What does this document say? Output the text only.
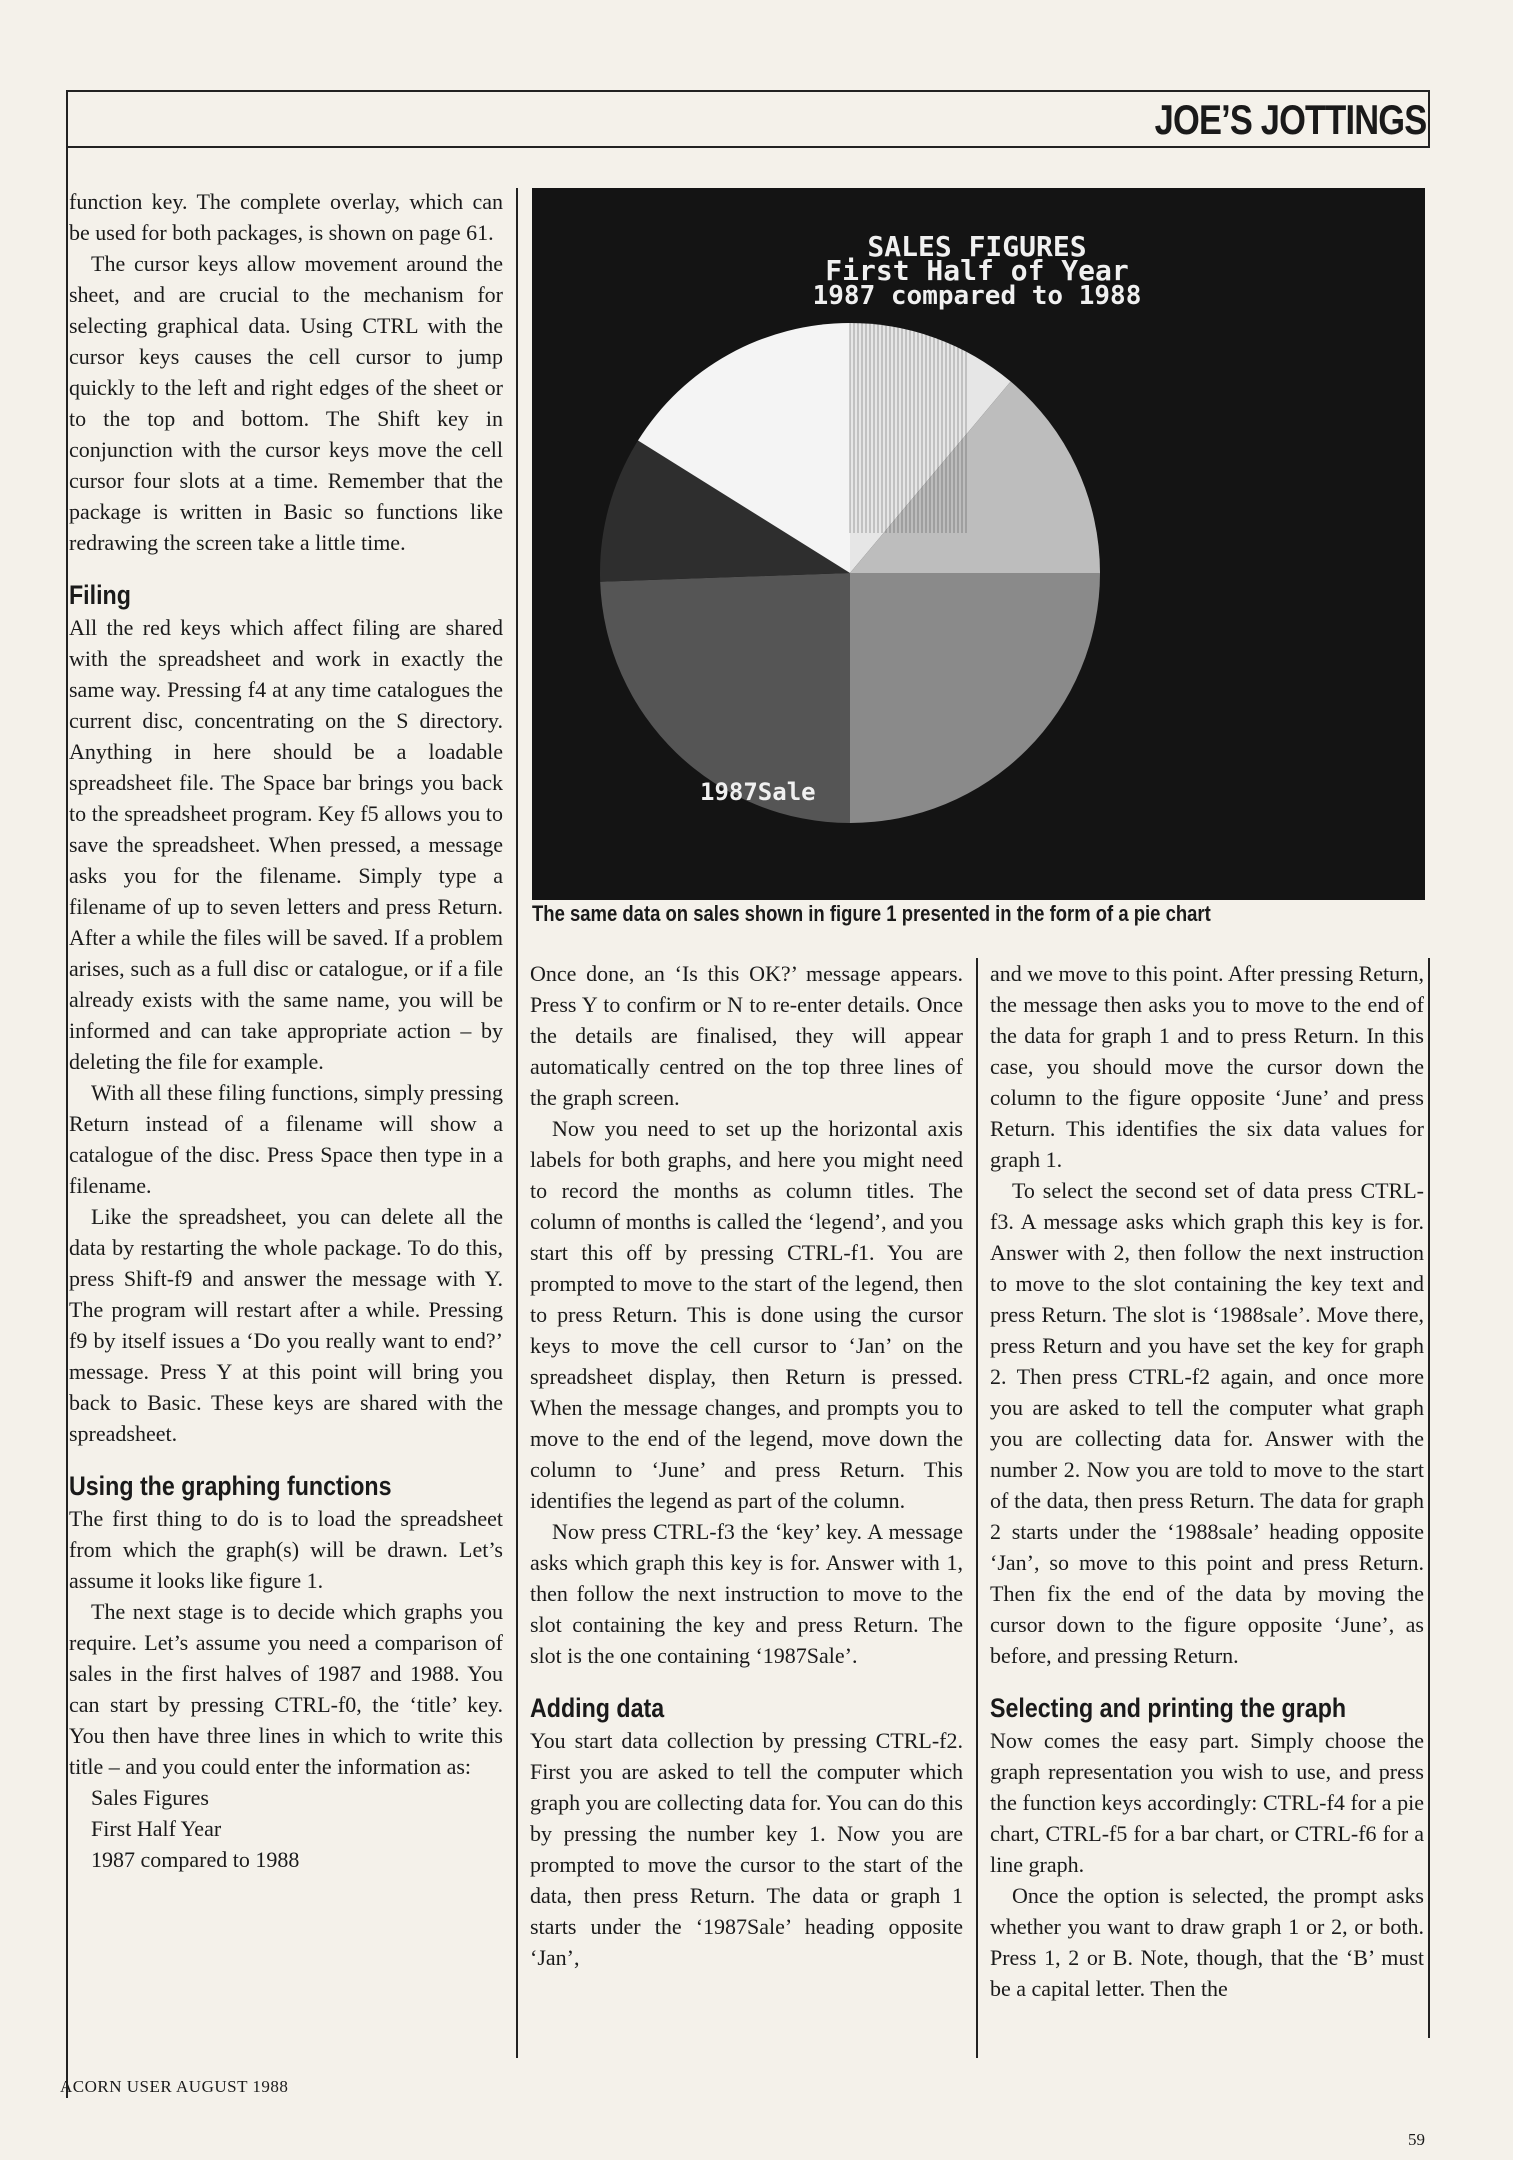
JOE’S JOTTINGS

function key. The complete overlay, which can be used for both packages, is shown on page 61.

The cursor keys allow movement around the sheet, and are crucial to the mechanism for selecting graphical data. Using CTRL with the cursor keys causes the cell cursor to jump quickly to the left and right edges of the sheet or to the top and bottom. The Shift key in conjunction with the cursor keys move the cell cursor four slots at a time. Remember that the package is written in Basic so functions like redrawing the screen take a little time.

Filing

All the red keys which affect filing are shared with the spreadsheet and work in exactly the same way. Pressing f4 at any time catalogues the current disc, concentrating on the S directory. Anything in here should be a loadable spreadsheet file. The Space bar brings you back to the spreadsheet program. Key f5 allows you to save the spreadsheet. When pressed, a message asks you for the filename. Simply type a filename of up to seven letters and press Return. After a while the files will be saved. If a problem arises, such as a full disc or catalogue, or if a file already exists with the same name, you will be informed and can take appropriate action – by deleting the file for example.

With all these filing functions, simply pressing Return instead of a filename will show a catalogue of the disc. Press Space then type in a filename.

Like the spreadsheet, you can delete all the data by restarting the whole package. To do this, press Shift-f9 and answer the message with Y. The program will restart after a while. Pressing f9 by itself issues a ‘Do you really want to end?’ message. Press Y at this point will bring you back to Basic. These keys are shared with the spreadsheet.

Using the graphing functions

The first thing to do is to load the spreadsheet from which the graph(s) will be drawn. Let’s assume it looks like figure 1.

The next stage is to decide which graphs you require. Let’s assume you need a comparison of sales in the first halves of 1987 and 1988. You can start by pressing CTRL-f0, the ‘title’ key. You then have three lines in which to write this title – and you could enter the information as:

Sales Figures
First Half Year
1987 compared to 1988
SALES FIGURES
First Half of Year
1987 compared to 1988
1987Sale
The same data on sales shown in figure 1 presented in the form of a pie chart

Once done, an ‘Is this OK?’ message appears. Press Y to confirm or N to re-enter details. Once the details are finalised, they will appear automatically centred on the top three lines of the graph screen.

Now you need to set up the horizontal axis labels for both graphs, and here you might need to record the months as column titles. The column of months is called the ‘legend’, and you start this off by pressing CTRL-f1. You are prompted to move to the start of the legend, then to press Return. This is done using the cursor keys to move the cell cursor to ‘Jan’ on the spreadsheet display, then Return is pressed. When the message changes, and prompts you to move to the end of the legend, move down the column to ‘June’ and press Return. This identifies the legend as part of the column.

Now press CTRL-f3 the ‘key’ key. A message asks which graph this key is for. Answer with 1, then follow the next instruction to move to the slot containing the key and press Return. The slot is the one containing ‘1987Sale’.

Adding data

You start data collection by pressing CTRL-f2. First you are asked to tell the computer which graph you are collecting data for. You can do this by pressing the number key 1. Now you are prompted to move the cursor to the start of the data, then press Return. The data or graph 1 starts under the ‘1987Sale’ heading opposite ‘Jan’,

and we move to this point. After pressing Return, the message then asks you to move to the end of the data for graph 1 and to press Return. In this case, you should move the cursor down the column to the figure opposite ‘June’ and press Return. This identifies the six data values for graph 1.

To select the second set of data press CTRL-f3. A message asks which graph this key is for. Answer with 2, then follow the next instruction to move to the slot containing the key text and press Return. The slot is ‘1988sale’. Move there, press Return and you have set the key for graph 2. Then press CTRL-f2 again, and once more you are asked to tell the computer what graph you are collecting data for. Answer with the number 2. Now you are told to move to the start of the data, then press Return. The data for graph 2 starts under the ‘1988sale’ heading opposite ‘Jan’, so move to this point and press Return. Then fix the end of the data by moving the cursor down to the figure opposite ‘June’, as before, and pressing Return.

Selecting and printing the graph

Now comes the easy part. Simply choose the graph representation you wish to use, and press the function keys accordingly: CTRL-f4 for a pie chart, CTRL-f5 for a bar chart, or CTRL-f6 for a line graph.

Once the option is selected, the prompt asks whether you want to draw graph 1 or 2, or both. Press 1, 2 or B. Note, though, that the ‘B’ must be a capital letter. Then the

ACORN USER AUGUST 1988
59
